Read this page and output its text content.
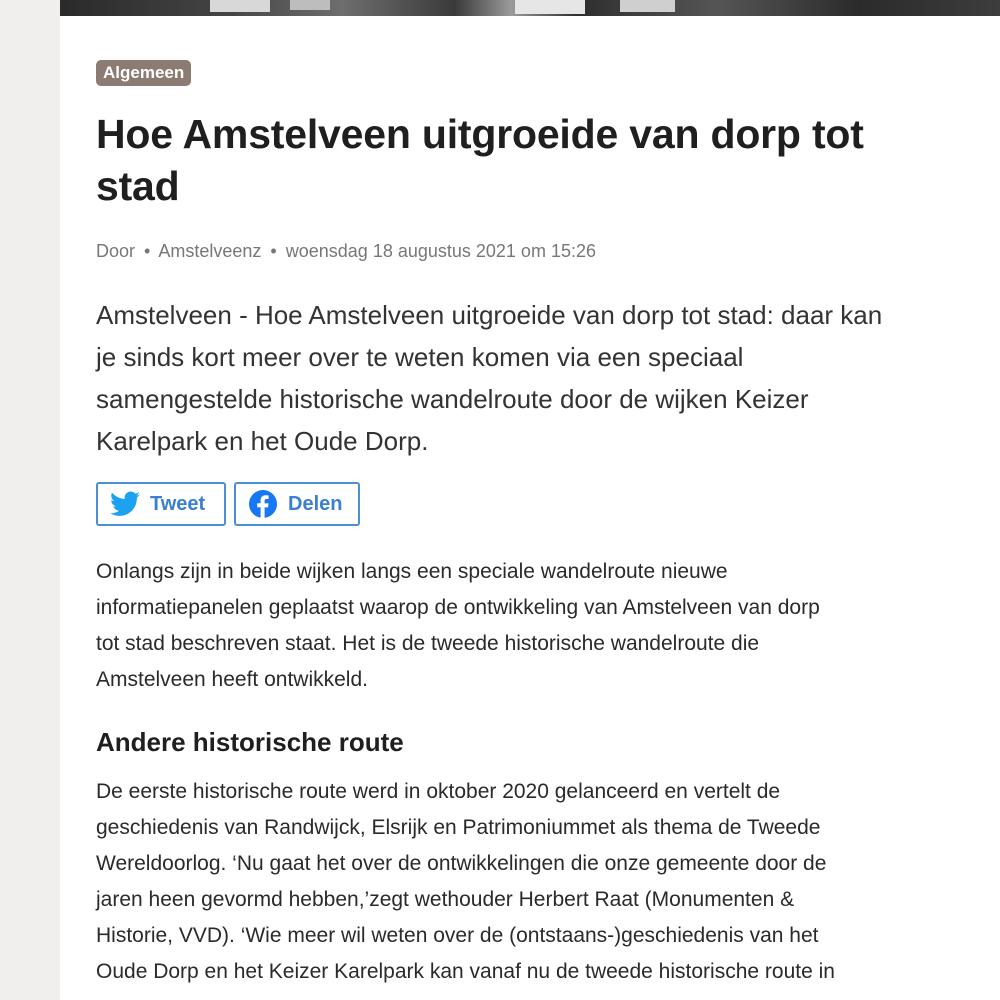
Algemeen
Hoe Amstelveen uitgroeide van dorp tot
stad
Door • Amstelveenz • woensdag 18 augustus 2021 om 15:26
Amstelveen - Hoe Amstelveen uitgroeide van dorp tot stad: daar kan
je sinds kort meer over te weten komen via een speciaal
samengestelde historische wandelroute door de wijken Keizer
Karelpark en het Oude Dorp.
Tweet	Delen
Onlangs zijn in beide wijken langs een speciale wandelroute nieuwe
informatiepanelen geplaatst waarop de ontwikkeling van Amstelveen van dorp
tot stad beschreven staat. Het is de tweede historische wandelroute die
Amstelveen heeft ontwikkeld.
Andere historische route
De eerste historische route werd in oktober 2020 gelanceerd en vertelt de
geschiedenis van Randwijck, Elsrijk en Patrimoniummet als thema de Tweede
Wereldoorlog. ‘Nu gaat het over de ontwikkelingen die onze gemeente door de
jaren heen gevormd hebben,’zegt wethouder Herbert Raat (Monumenten &
Historie, VVD). ‘Wie meer wil weten over de (ontstaans-)geschiedenis van het
Oude Dorp en het Keizer Karelpark kan vanaf nu de tweede historische route in
